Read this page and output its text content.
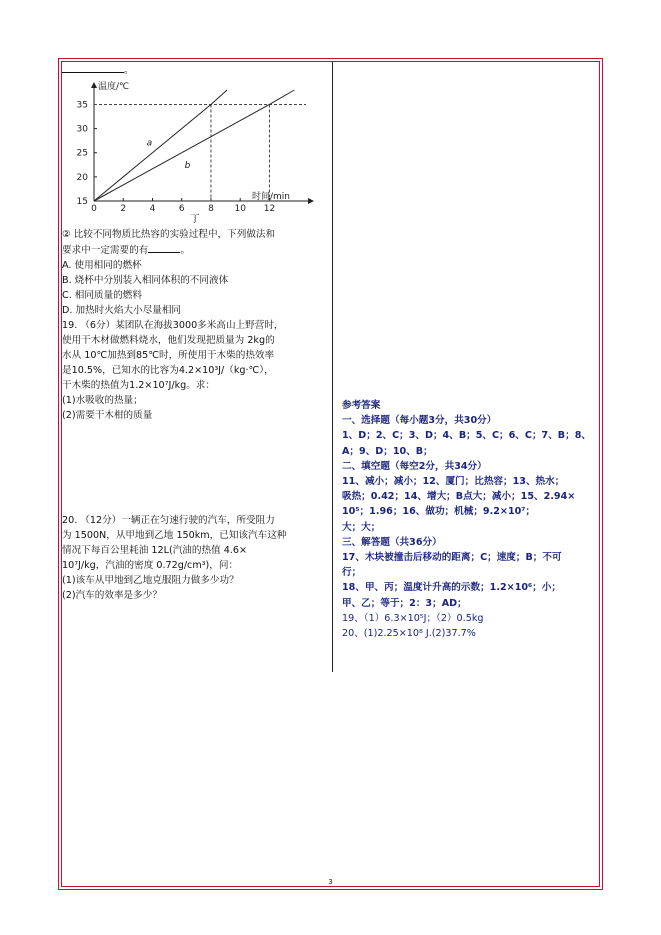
。
温度/℃
时间/min
0	2	4	6	8 10 12
15
20
25
30
35
a
b
丁
② 比较不同物质比热容的实验过程中，下列做法和
要求中一定需要的有	。
A. 使用相同的燃杯
B. 烧杯中分别装入相同体积的不同液体
C. 相同质量的燃料
D. 加热时火焰大小尽量相同
19. （6分）某团队在海拔3000多米高山上野营时，
使用干木材做燃料烧水，他们发现把质量为 2kg的
水从 10℃加热到85℃时，所使用干木柴的热效率
是10.5%，已知水的比容为4.2×10³J/（kg·℃），
干木柴的热值为1.2×10⁷J/kg。求：
(1)水吸收的热量；
(2)需要干木柑的质量
20. （12分）一辆正在匀速行驶的汽车，所受阻力
为 1500N，从甲地到乙地 150km，已知该汽车这种
情况下每百公里耗油 12L(汽油的热值 4.6×
10⁷J/kg，汽油的密度 0.72g/cm³)，问：
(1)该车从甲地到乙地克服阻力做多少功？
(2)汽车的效率是多少？
参考答案
一、选择题（每小题3分，共30分）
1、D；2、C；3、D；4、B；5、C；6、C；7、B；8、
A；9、D；10、B；
二、填空题（每空2分，共34分）
11、减小；减小；12、厦门；比热容；13、热水；
吸热；0.42；14、增大；B点大；减小；15、2.94×
10⁵；1.96；16、做功；机械；9.2×10⁷；
大；大；
三、解答题（共36分）
17、木块被撞击后移动的距离；C；速度；B；不可
行；
18、甲、丙；温度计升高的示数；1.2×10⁶；小；
甲、乙；等于；2：3；AD；
19、（1）6.3×10⁵J；（2）0.5kg
20、(1)2.25×10⁸ J.(2)37.7%
3
